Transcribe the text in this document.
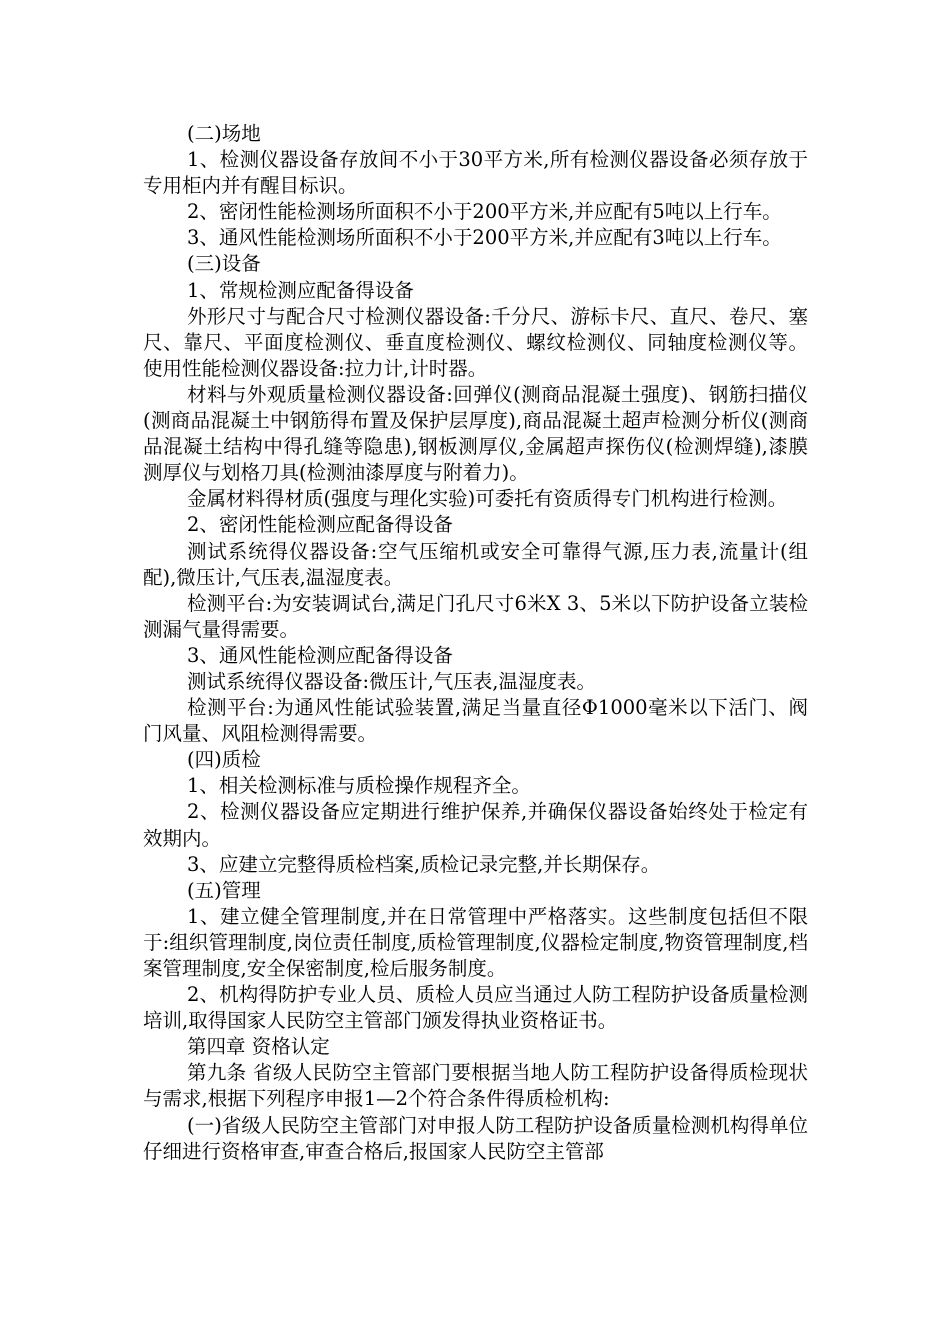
(二)场地

1、检测仪器设备存放间不小于30平方米,所有检测仪器设备必须存放于专用柜内并有醒目标识。

2、密闭性能检测场所面积不小于200平方米,并应配有5吨以上行车。

3、通风性能检测场所面积不小于200平方米,并应配有3吨以上行车。

(三)设备

1、常规检测应配备得设备

外形尺寸与配合尺寸检测仪器设备:千分尺、游标卡尺、直尺、卷尺、塞尺、靠尺、平面度检测仪、垂直度检测仪、螺纹检测仪、同轴度检测仪等。 使用性能检测仪器设备:拉力计,计时器。

材料与外观质量检测仪器设备:回弹仪(测商品混凝土强度)、钢筋扫描仪(测商品混凝土中钢筋得布置及保护层厚度),商品混凝土超声检测分析仪(测商品混凝土结构中得孔缝等隐患),钢板测厚仪,金属超声探伤仪(检测焊缝),漆膜测厚仪与划格刀具(检测油漆厚度与附着力)。

金属材料得材质(强度与理化实验)可委托有资质得专门机构进行检测。

2、密闭性能检测应配备得设备

测试系统得仪器设备:空气压缩机或安全可靠得气源,压力表,流量计(组配),微压计,气压表,温湿度表。

检测平台:为安装调试台,满足门孔尺寸6米X 3、5米以下防护设备立装检测漏气量得需要。

3、通风性能检测应配备得设备

测试系统得仪器设备:微压计,气压表,温湿度表。

检测平台:为通风性能试验装置,满足当量直径Φ1000毫米以下活门、阀门风量、风阻检测得需要。

(四)质检

1、相关检测标准与质检操作规程齐全。

2、检测仪器设备应定期进行维护保养,并确保仪器设备始终处于检定有效期内。

3、应建立完整得质检档案,质检记录完整,并长期保存。

(五)管理

1、建立健全管理制度,并在日常管理中严格落实。这些制度包括但不限于:组织管理制度,岗位责任制度,质检管理制度,仪器检定制度,物资管理制度,档案管理制度,安全保密制度,检后服务制度。

2、机构得防护专业人员、质检人员应当通过人防工程防护设备质量检测培训,取得国家人民防空主管部门颁发得执业资格证书。

第四章 资格认定

第九条 省级人民防空主管部门要根据当地人防工程防护设备得质检现状与需求,根据下列程序申报1—2个符合条件得质检机构:

(一)省级人民防空主管部门对申报人防工程防护设备质量检测机构得单位仔细进行资格审查,审查合格后,报国家人民防空主管部
